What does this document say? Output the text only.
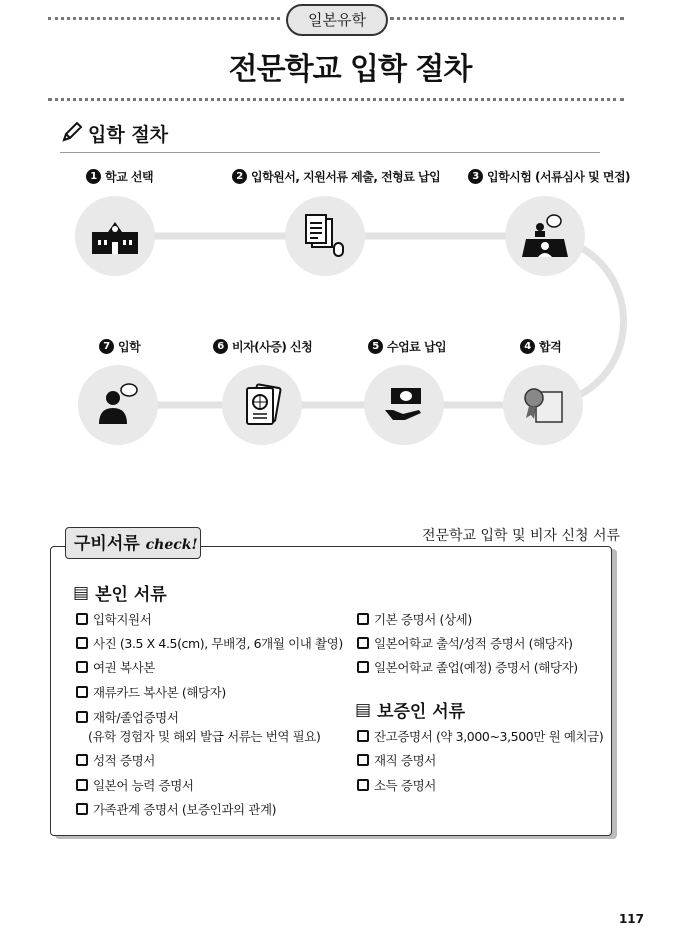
일본유학
전문학교 입학 절차
입학 절차
1 학교 선택	2 입학원서, 지원서류 제출, 전형료 납입	3 입학시험 (서류심사 및 면접)
4 합격
5 수업료 납입
6 비자(사증) 신청
7 입학
전문학교 입학 및 비자 신청 서류
구비서류 check!
▤ 본인 서류
입학지원서
사진 (3.5 X 4.5(cm), 무배경, 6개월 이내 촬영)
여권 복사본
재류카드 복사본 (해당자)
재학/졸업증명서
(유학 경험자 및 해외 발급 서류는 번역 필요)
성적 증명서
일본어 능력 증명서
가족관계 증명서 (보증인과의 관계)
기본 증명서 (상세)
일본어학교 출석/성적 증명서 (해당자)
일본어학교 졸업(예정) 증명서 (해당자)
▤ 보증인 서류
잔고증명서 (약 3,000~3,500만 원 예치금)
재직 증명서
소득 증명서
117
